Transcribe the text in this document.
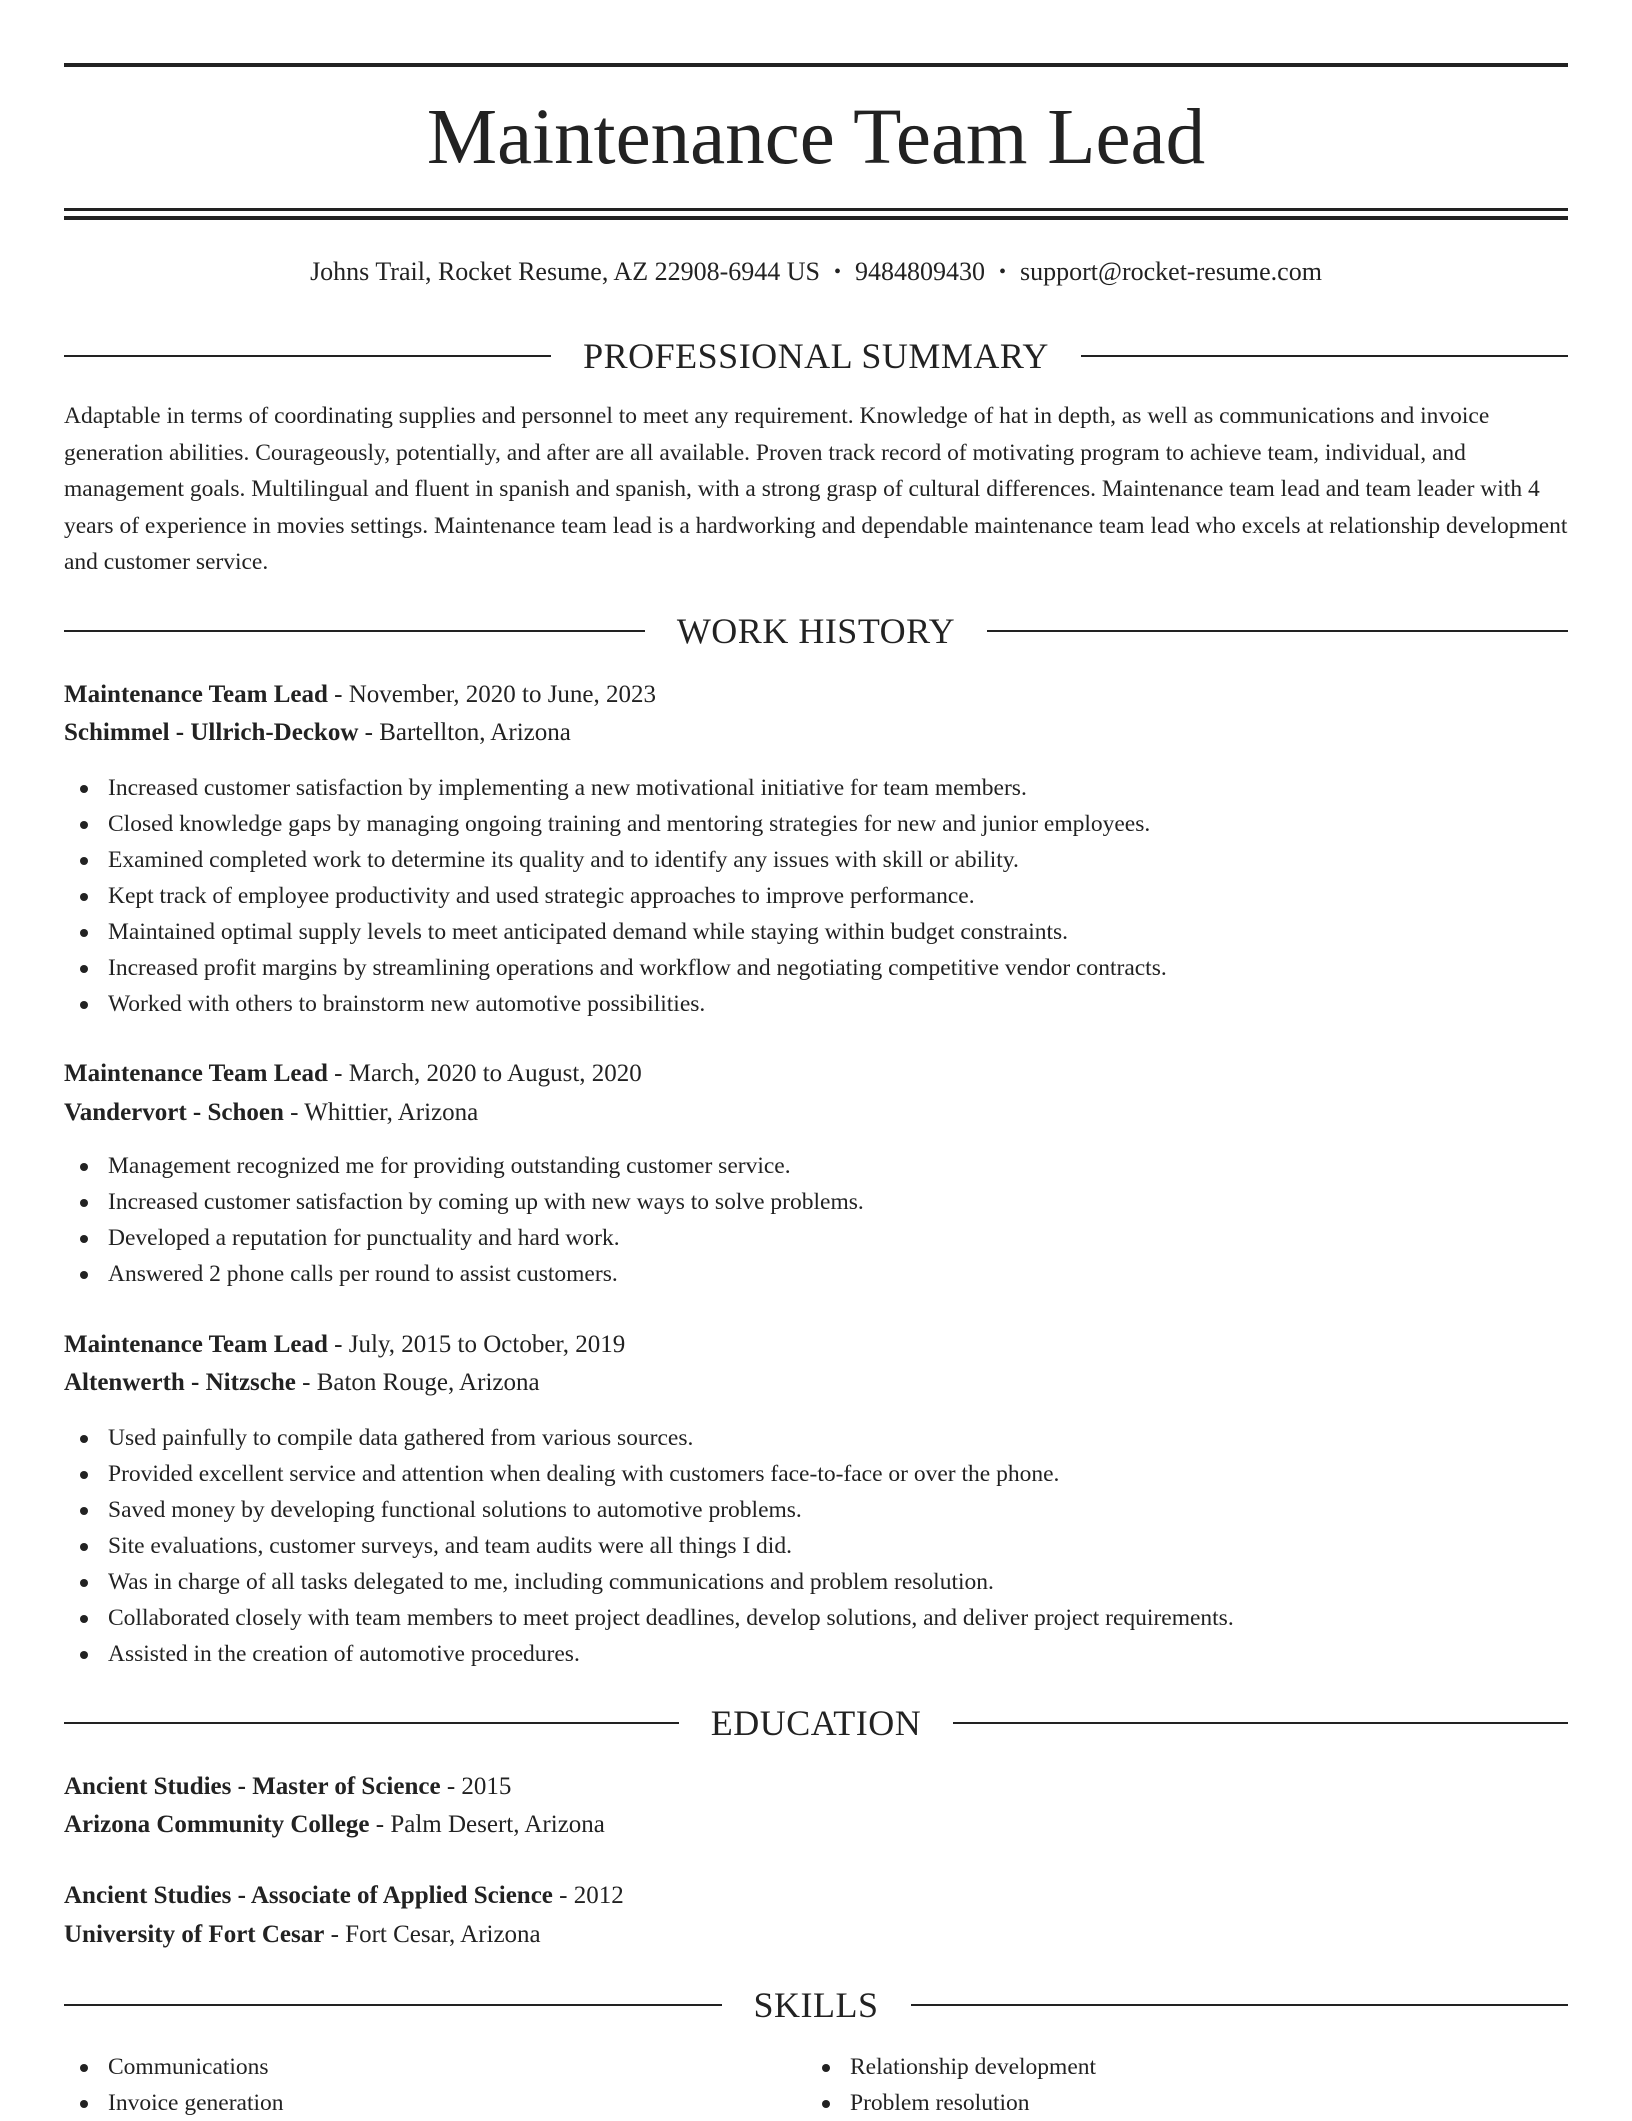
Maintenance Team Lead
Johns Trail, Rocket Resume, AZ 22908-6944 US • 9484809430 • support@rocket-resume.com
PROFESSIONAL SUMMARY

Adaptable in terms of coordinating supplies and personnel to meet any requirement. Knowledge of hat in depth, as well as communications and invoice generation abilities. Courageously, potentially, and after are all available. Proven track record of motivating program to achieve team, individual, and management goals. Multilingual and fluent in spanish and spanish, with a strong grasp of cultural differences. Maintenance team lead and team leader with 4 years of experience in movies settings. Maintenance team lead is a hardworking and dependable maintenance team lead who excels at relationship development and customer service.

WORK HISTORY
Maintenance Team Lead - November, 2020 to June, 2023
Schimmel - Ullrich-Deckow - Bartellton, Arizona
Increased customer satisfaction by implementing a new motivational initiative for team members.
Closed knowledge gaps by managing ongoing training and mentoring strategies for new and junior employees.
Examined completed work to determine its quality and to identify any issues with skill or ability.
Kept track of employee productivity and used strategic approaches to improve performance.
Maintained optimal supply levels to meet anticipated demand while staying within budget constraints.
Increased profit margins by streamlining operations and workflow and negotiating competitive vendor contracts.
Worked with others to brainstorm new automotive possibilities.
Maintenance Team Lead - March, 2020 to August, 2020
Vandervort - Schoen - Whittier, Arizona
Management recognized me for providing outstanding customer service.
Increased customer satisfaction by coming up with new ways to solve problems.
Developed a reputation for punctuality and hard work.
Answered 2 phone calls per round to assist customers.
Maintenance Team Lead - July, 2015 to October, 2019
Altenwerth - Nitzsche - Baton Rouge, Arizona
Used painfully to compile data gathered from various sources.
Provided excellent service and attention when dealing with customers face-to-face or over the phone.
Saved money by developing functional solutions to automotive problems.
Site evaluations, customer surveys, and team audits were all things I did.
Was in charge of all tasks delegated to me, including communications and problem resolution.
Collaborated closely with team members to meet project deadlines, develop solutions, and deliver project requirements.
Assisted in the creation of automotive procedures.
EDUCATION
Ancient Studies - Master of Science - 2015
Arizona Community College - Palm Desert, Arizona
Ancient Studies - Associate of Applied Science - 2012
University of Fort Cesar - Fort Cesar, Arizona
SKILLS
Communications
Invoice generation
Relationship development
Problem resolution
